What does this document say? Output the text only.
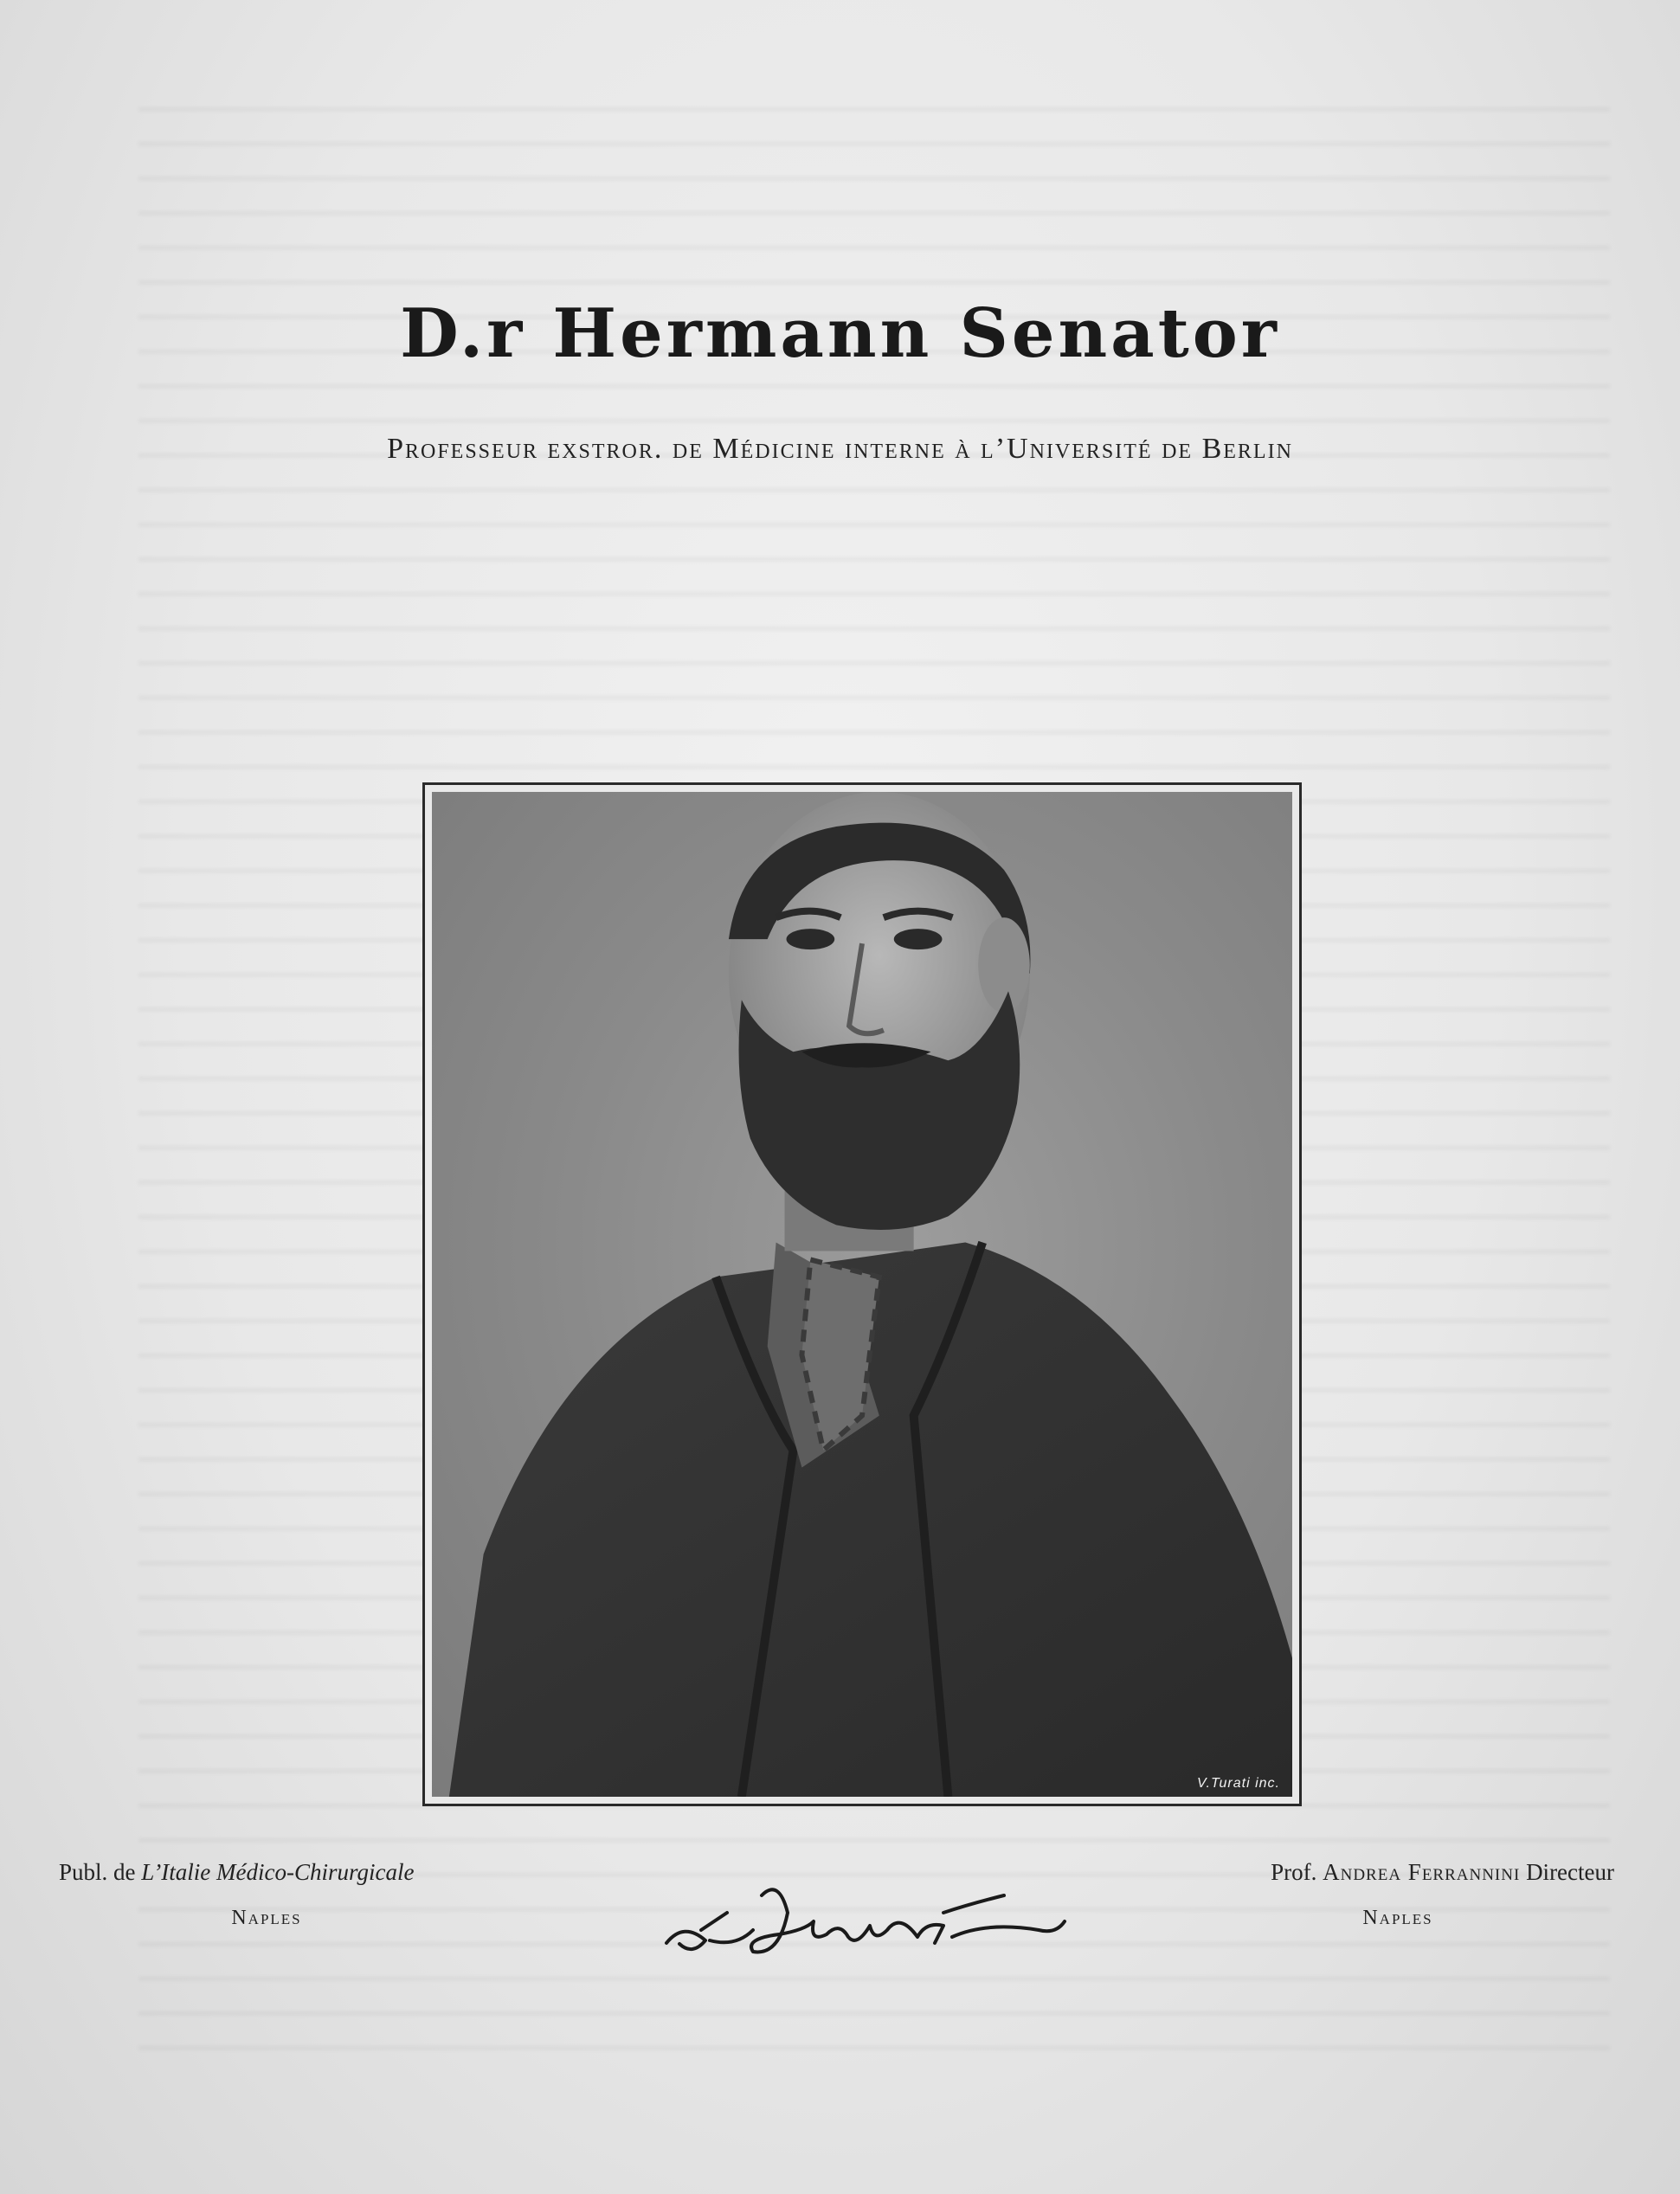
D.r Hermann Senator
Professeur exstror. de Médicine interne à l’Université de Berlin
V.Turati inc.
Publ. de L’Italie Médico-Chirurgicale
Naples
Prof. Andrea Ferrannini Directeur
Naples
